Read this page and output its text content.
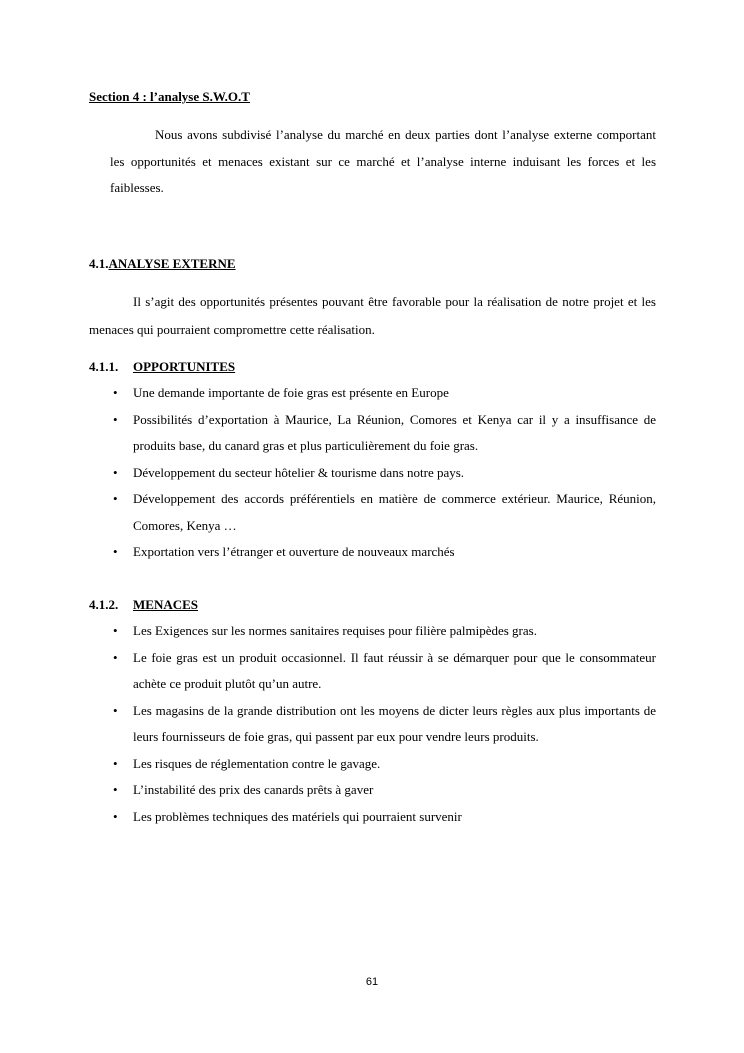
Section 4 : l’analyse S.W.O.T

Nous avons subdivisé l’analyse du marché en deux parties dont l’analyse externe comportant les opportunités et menaces existant sur ce marché et l’analyse interne induisant les forces et les faiblesses.

4.1.ANALYSE EXTERNE

Il s’agit des opportunités présentes pouvant être favorable pour la réalisation de notre projet et les menaces qui pourraient compromettre cette réalisation.

4.1.1. OPPORTUNITES
• Une demande importante de foie gras est présente en Europe
• Possibilités d’exportation à Maurice, La Réunion, Comores et Kenya car il y a insuffisance de produits base, du canard gras et plus particulièrement du foie gras.
• Développement du secteur hôtelier & tourisme dans notre pays.
• Développement des accords préférentiels en matière de commerce extérieur. Maurice, Réunion, Comores, Kenya …
• Exportation vers l’étranger et ouverture de nouveaux marchés
4.1.2. MENACES
• Les Exigences sur les normes sanitaires requises pour filière palmipèdes gras.
• Le foie gras est un produit occasionnel. Il faut réussir à se démarquer pour que le consommateur achète ce produit plutôt qu’un autre.
• Les magasins de la grande distribution ont les moyens de dicter leurs règles aux plus importants de leurs fournisseurs de foie gras, qui passent par eux pour vendre leurs produits.
• Les risques de réglementation contre le gavage.
• L’instabilité des prix des canards prêts à gaver
• Les problèmes techniques des matériels qui pourraient survenir
61
